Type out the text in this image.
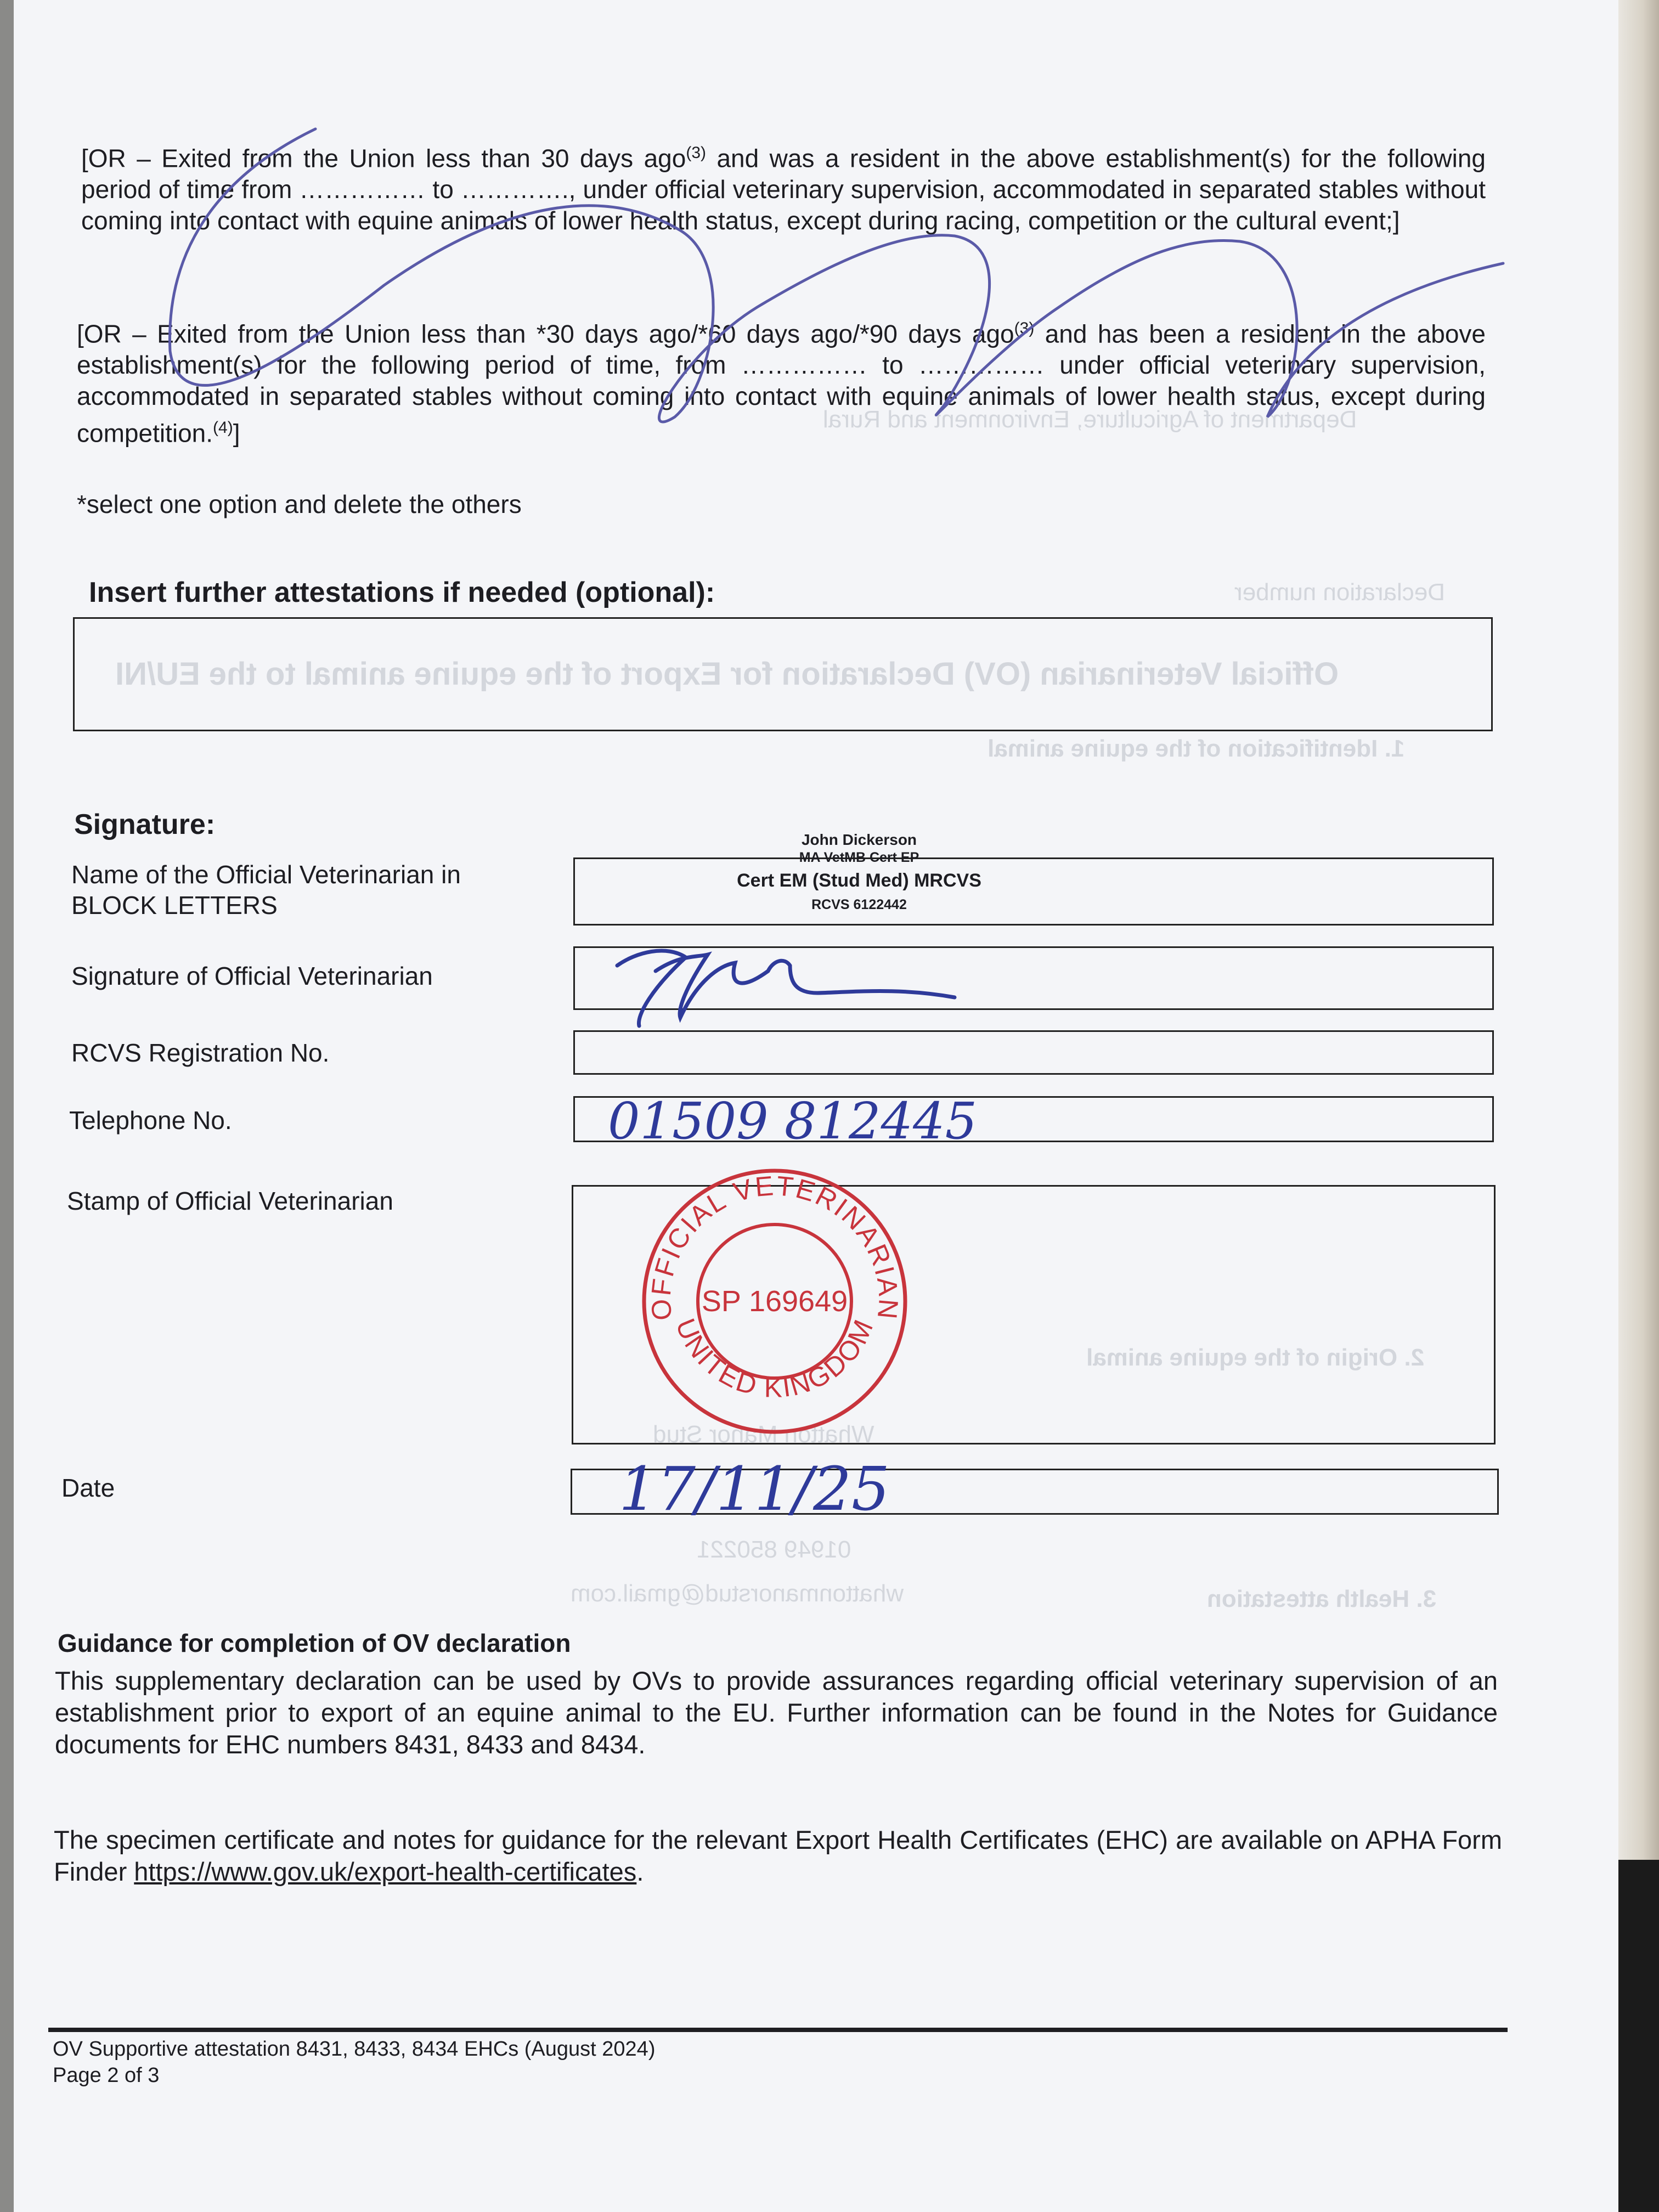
Department of Agriculture, Environment and Rural
Declaration number
Official Veterinarian (OV) Declaration for Export of the equine animal to the EU/NI
1. Identification of the equine animal
2. Origin of the equine animal
3. Health attestation
Whatton Manor Stud
01949 850221
whattonmanorstud@gmail.com
[OR – Exited from the Union less than 30 days ago$^{(3)}$ and was a resident in the above establishment(s) for the following period of time from …………… to …………., under official veterinary supervision, accommodated in separated stables without coming into contact with equine animals of lower health status, except during racing, competition or the cultural event;]
[OR – Exited from the Union less than *30 days ago/*60 days ago/*90 days ago$^{(3)}$ and has been a resident in the above establishment(s) for the following period of time, from …………… to …………… under official veterinary supervision, accommodated in separated stables without coming into contact with equine animals of lower health status, except during competition.$^{(4)}$]
*select one option and delete the others
Insert further attestations if needed (optional):
Signature:
Name of the Official Veterinarian in
BLOCK LETTERS
John Dickerson
MA VetMB Cert EP
Cert EM (Stud Med) MRCVS
RCVS 6122442
Signature of Official Veterinarian
RCVS Registration No.
Telephone No.	01509 812445
Stamp of Official Veterinarian
Date	17/11/25
Guidance for completion of OV declaration
This supplementary declaration can be used by OVs to provide assurances regarding official veterinary supervision of an establishment prior to export of an equine animal to the EU. Further information can be found in the Notes for Guidance documents for EHC numbers 8431, 8433 and 8434.
The specimen certificate and notes for guidance for the relevant Export Health Certificates (EHC) are available on APHA Form Finder https://www.gov.uk/export-health-certificates.
OV Supportive attestation 8431, 8433, 8434 EHCs (August 2024)
Page 2 of 3
OFFICIAL VETERINARIAN
UNITED KINGDOM
SP 169649
